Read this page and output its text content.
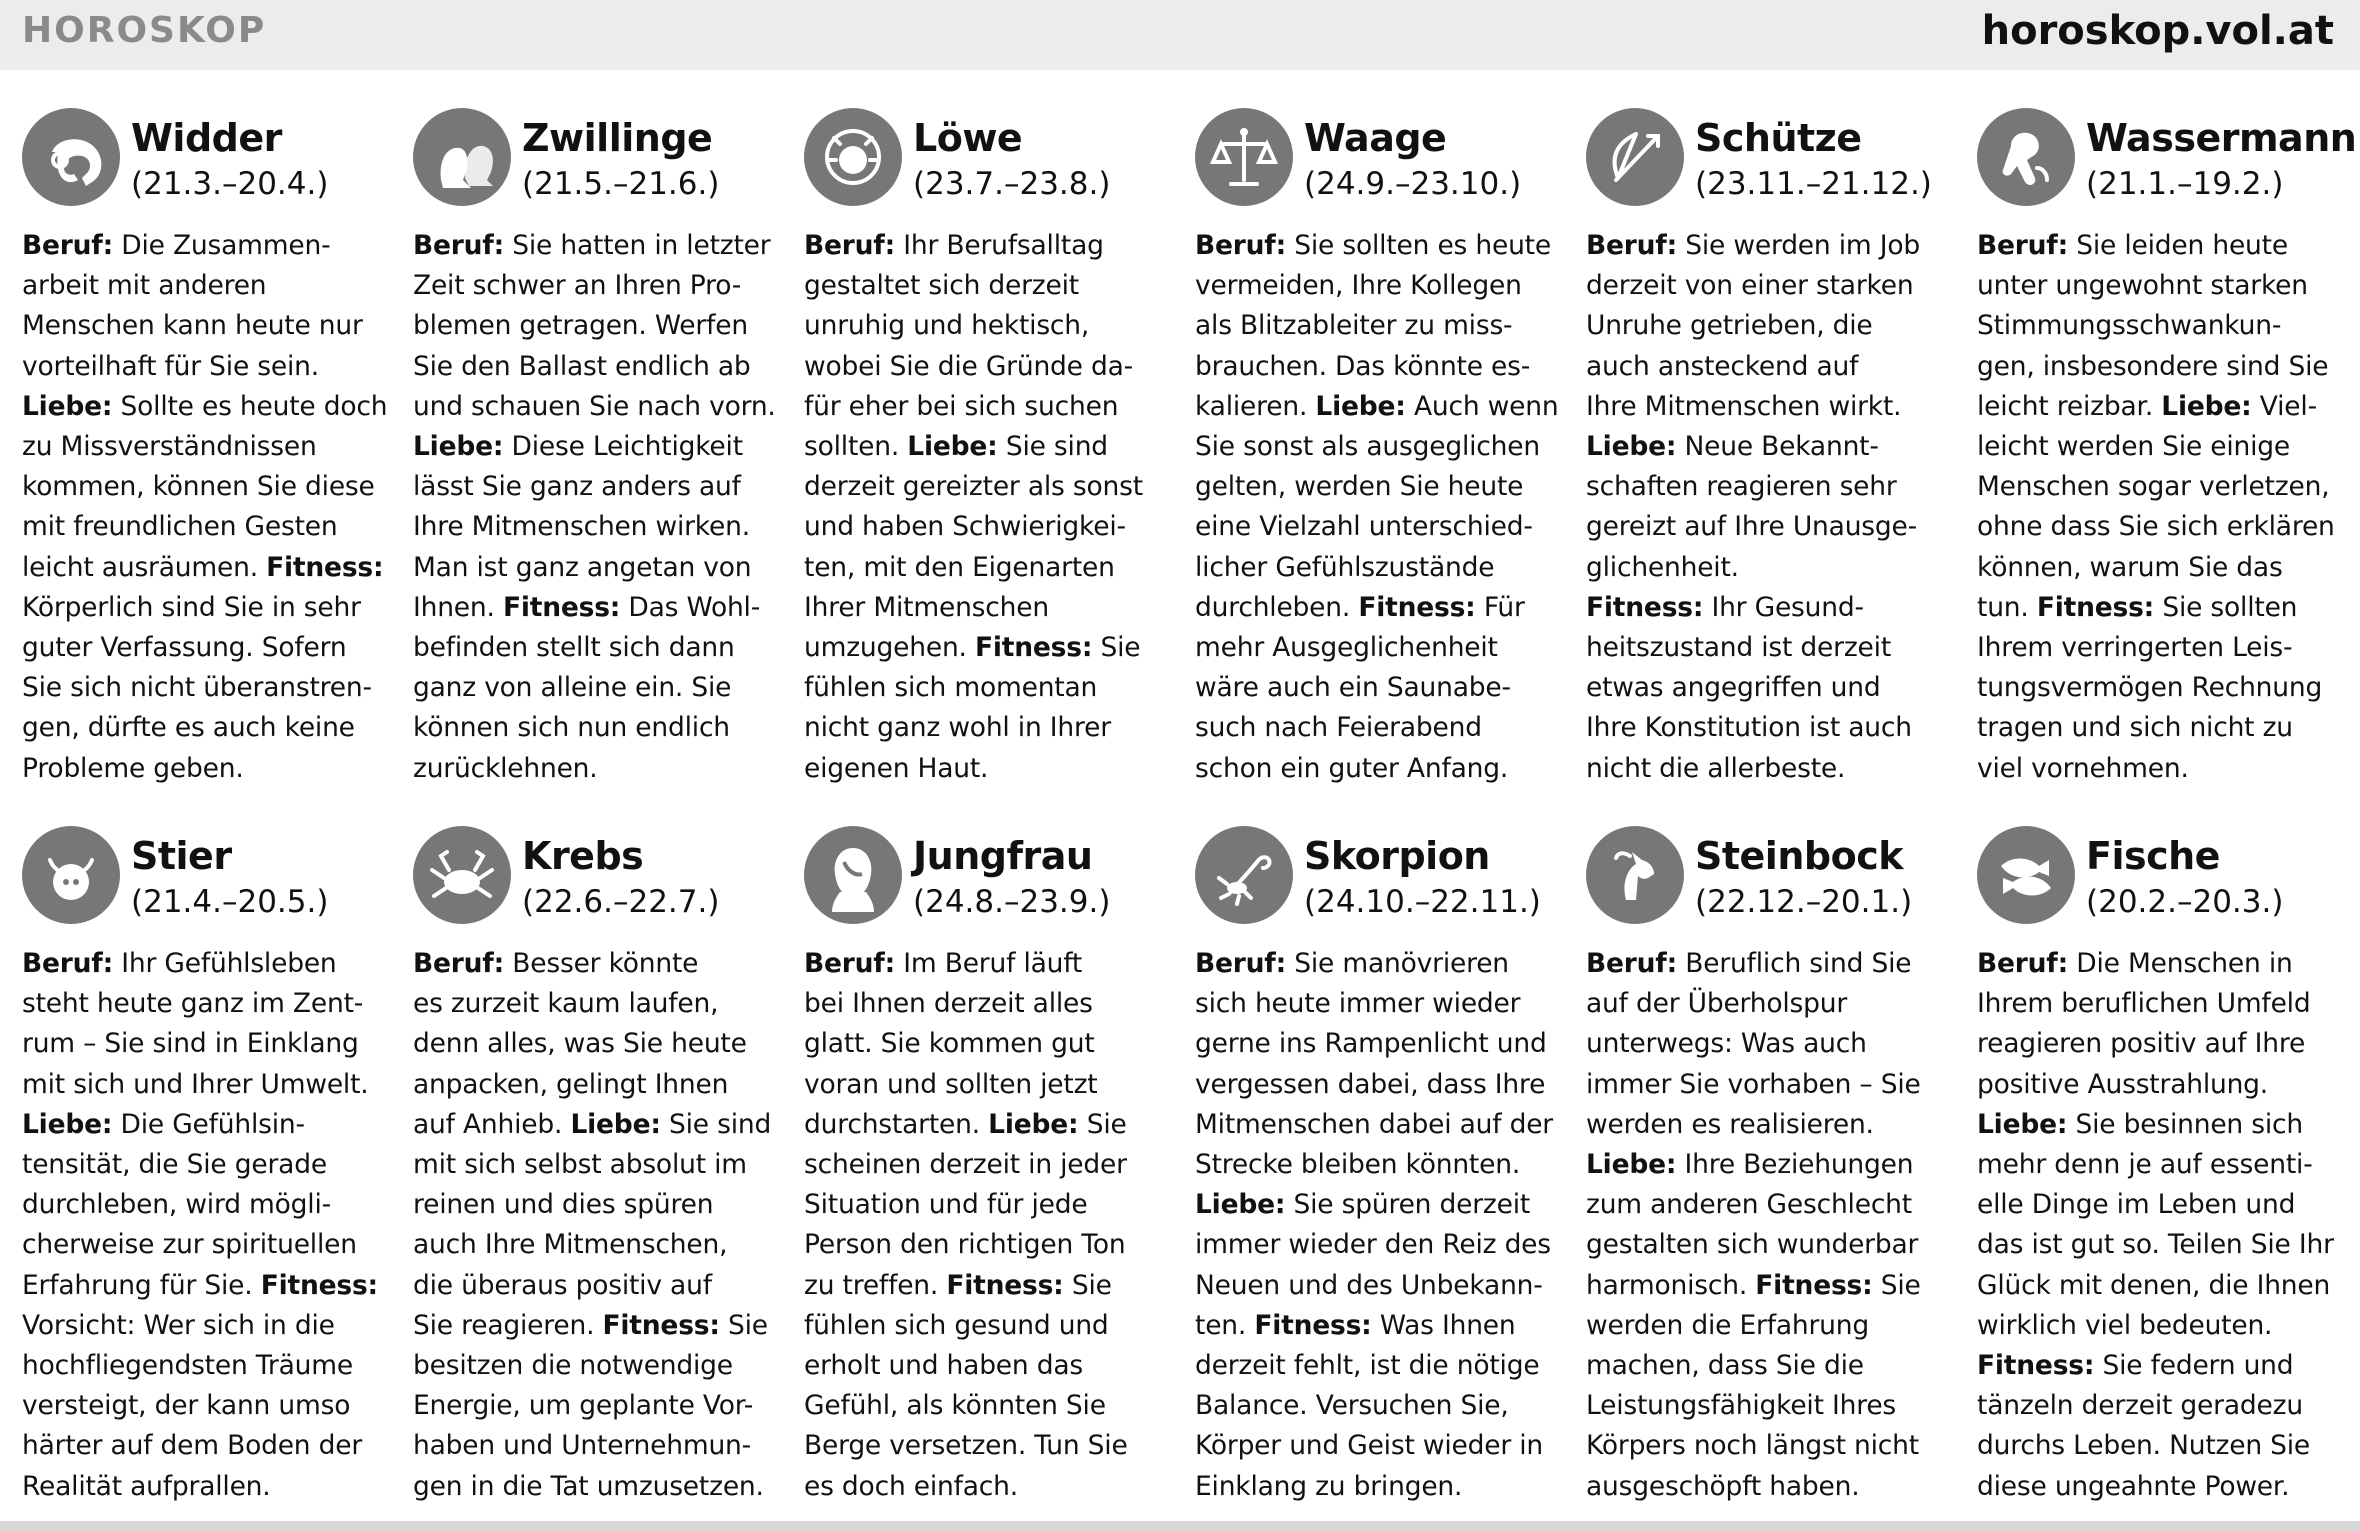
HOROSKOP	horoskop.vol.at
Widder
(21.3.–20.4.)
Beruf: Die Zusammen-
arbeit mit anderen
Menschen kann heute nur
vorteilhaft für Sie sein.
Liebe: Sollte es heute doch
zu Missverständnissen
kommen, können Sie diese
mit freundlichen Gesten
leicht ausräumen. Fitness:
Körperlich sind Sie in sehr
guter Verfassung. Sofern
Sie sich nicht überanstren-
gen, dürfte es auch keine
Probleme geben.
Zwillinge
(21.5.–21.6.)
Beruf: Sie hatten in letzter
Zeit schwer an Ihren Pro-
blemen getragen. Werfen
Sie den Ballast endlich ab
und schauen Sie nach vorn.
Liebe: Diese Leichtigkeit
lässt Sie ganz anders auf
Ihre Mitmenschen wirken.
Man ist ganz angetan von
Ihnen. Fitness: Das Wohl-
befinden stellt sich dann
ganz von alleine ein. Sie
können sich nun endlich
zurücklehnen.
Löwe
(23.7.–23.8.)
Beruf: Ihr Berufsalltag
gestaltet sich derzeit
unruhig und hektisch,
wobei Sie die Gründe da-
für eher bei sich suchen
sollten. Liebe: Sie sind
derzeit gereizter als sonst
und haben Schwierigkei-
ten, mit den Eigenarten
Ihrer Mitmenschen
umzugehen. Fitness: Sie
fühlen sich momentan
nicht ganz wohl in Ihrer
eigenen Haut.
Waage
(24.9.–23.10.)
Beruf: Sie sollten es heute
vermeiden, Ihre Kollegen
als Blitzableiter zu miss-
brauchen. Das könnte es-
kalieren. Liebe: Auch wenn
Sie sonst als ausgeglichen
gelten, werden Sie heute
eine Vielzahl unterschied-
licher Gefühlszustände
durchleben. Fitness: Für
mehr Ausgeglichenheit
wäre auch ein Saunabe-
such nach Feierabend
schon ein guter Anfang.
Schütze
(23.11.–21.12.)
Beruf: Sie werden im Job
derzeit von einer starken
Unruhe getrieben, die
auch ansteckend auf
Ihre Mitmenschen wirkt.
Liebe: Neue Bekannt-
schaften reagieren sehr
gereizt auf Ihre Unausge-
glichenheit.
Fitness: Ihr Gesund-
heitszustand ist derzeit
etwas angegriffen und
Ihre Konstitution ist auch
nicht die allerbeste.
Wassermann
(21.1.–19.2.)
Beruf: Sie leiden heute
unter ungewohnt starken
Stimmungsschwankun-
gen, insbesondere sind Sie
leicht reizbar. Liebe: Viel-
leicht werden Sie einige
Menschen sogar verletzen,
ohne dass Sie sich erklären
können, warum Sie das
tun. Fitness: Sie sollten
Ihrem verringerten Leis-
tungsvermögen Rechnung
tragen und sich nicht zu
viel vornehmen.
Stier
(21.4.–20.5.)
Beruf: Ihr Gefühlsleben
steht heute ganz im Zent-
rum – Sie sind in Einklang
mit sich und Ihrer Umwelt.
Liebe: Die Gefühlsin-
tensität, die Sie gerade
durchleben, wird mögli-
cherweise zur spirituellen
Erfahrung für Sie. Fitness:
Vorsicht: Wer sich in die
hochfliegendsten Träume
versteigt, der kann umso
härter auf dem Boden der
Realität aufprallen.
Krebs
(22.6.–22.7.)
Beruf: Besser könnte
es zurzeit kaum laufen,
denn alles, was Sie heute
anpacken, gelingt Ihnen
auf Anhieb. Liebe: Sie sind
mit sich selbst absolut im
reinen und dies spüren
auch Ihre Mitmenschen,
die überaus positiv auf
Sie reagieren. Fitness: Sie
besitzen die notwendige
Energie, um geplante Vor-
haben und Unternehmun-
gen in die Tat umzusetzen.
Jungfrau
(24.8.–23.9.)
Beruf: Im Beruf läuft
bei Ihnen derzeit alles
glatt. Sie kommen gut
voran und sollten jetzt
durchstarten. Liebe: Sie
scheinen derzeit in jeder
Situation und für jede
Person den richtigen Ton
zu treffen. Fitness: Sie
fühlen sich gesund und
erholt und haben das
Gefühl, als könnten Sie
Berge versetzen. Tun Sie
es doch einfach.
Skorpion
(24.10.–22.11.)
Beruf: Sie manövrieren
sich heute immer wieder
gerne ins Rampenlicht und
vergessen dabei, dass Ihre
Mitmenschen dabei auf der
Strecke bleiben könnten.
Liebe: Sie spüren derzeit
immer wieder den Reiz des
Neuen und des Unbekann-
ten. Fitness: Was Ihnen
derzeit fehlt, ist die nötige
Balance. Versuchen Sie,
Körper und Geist wieder in
Einklang zu bringen.
Steinbock
(22.12.–20.1.)
Beruf: Beruflich sind Sie
auf der Überholspur
unterwegs: Was auch
immer Sie vorhaben – Sie
werden es realisieren.
Liebe: Ihre Beziehungen
zum anderen Geschlecht
gestalten sich wunderbar
harmonisch. Fitness: Sie
werden die Erfahrung
machen, dass Sie die
Leistungsfähigkeit Ihres
Körpers noch längst nicht
ausgeschöpft haben.
Fische
(20.2.–20.3.)
Beruf: Die Menschen in
Ihrem beruflichen Umfeld
reagieren positiv auf Ihre
positive Ausstrahlung.
Liebe: Sie besinnen sich
mehr denn je auf essenti-
elle Dinge im Leben und
das ist gut so. Teilen Sie Ihr
Glück mit denen, die Ihnen
wirklich viel bedeuten.
Fitness: Sie federn und
tänzeln derzeit geradezu
durchs Leben. Nutzen Sie
diese ungeahnte Power.
